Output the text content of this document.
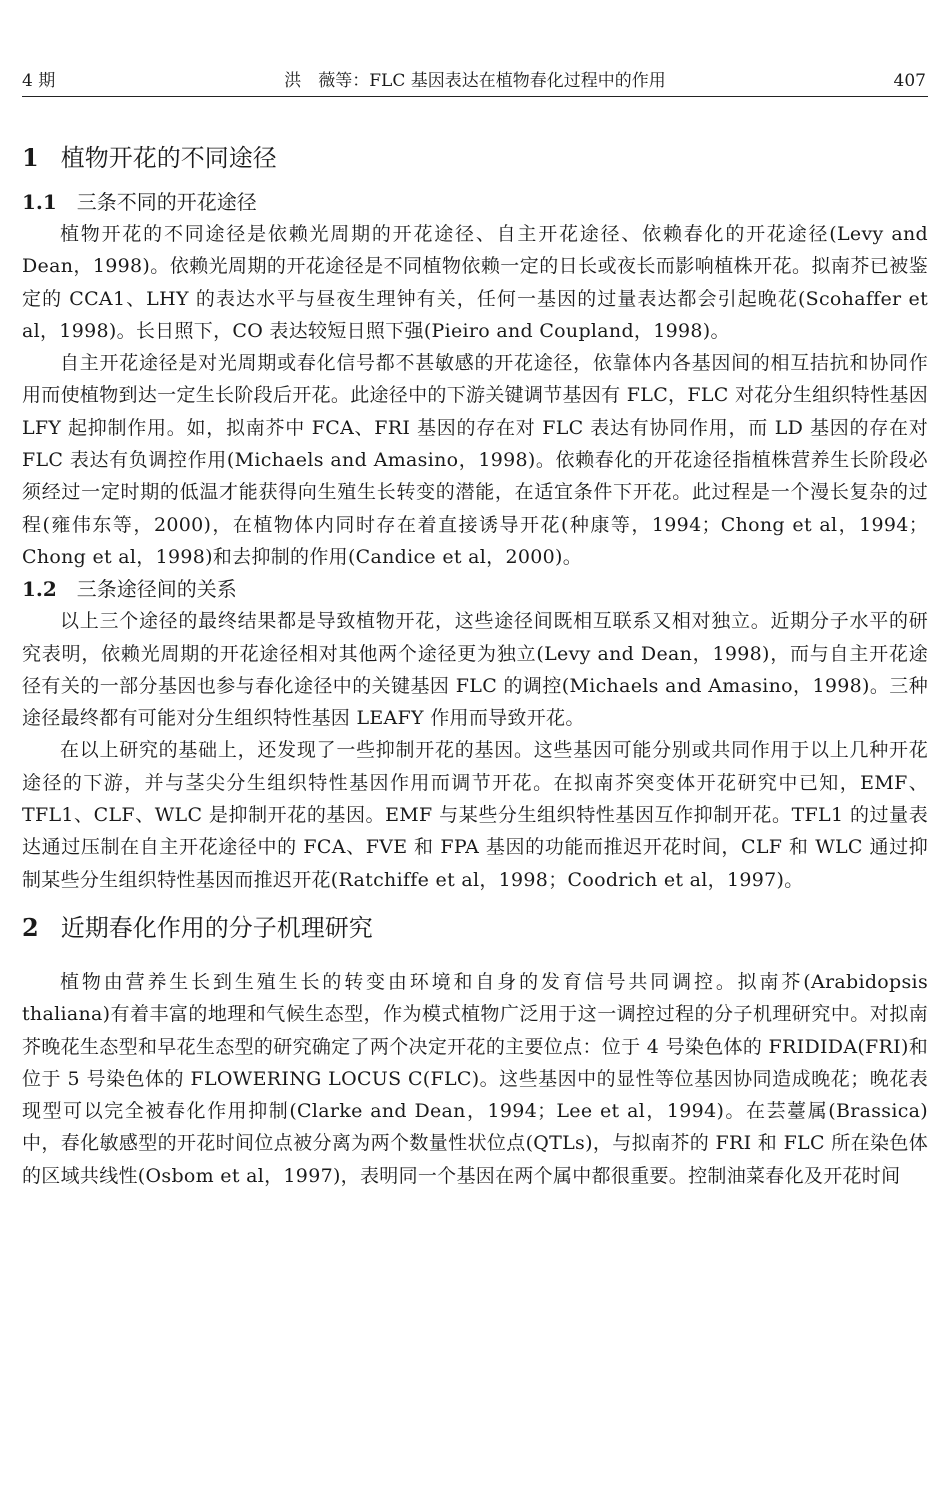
4 期	洪　薇等：FLC 基因表达在植物春化过程中的作用	407
1 植物开花的不同途径
1.1 三条不同的开花途径

植物开花的不同途径是依赖光周期的开花途径、自主开花途径、依赖春化的开花途径(Levy and Dean，1998)。依赖光周期的开花途径是不同植物依赖一定的日长或夜长而影响植株开花。拟南芥已被鉴定的 CCA1、LHY 的表达水平与昼夜生理钟有关，任何一基因的过量表达都会引起晚花(Scohaffer et al，1998)。长日照下，CO 表达较短日照下强(Pieiro and Coupland，1998)。

自主开花途径是对光周期或春化信号都不甚敏感的开花途径，依靠体内各基因间的相互拮抗和协同作用而使植物到达一定生长阶段后开花。此途径中的下游关键调节基因有 FLC，FLC 对花分生组织特性基因 LFY 起抑制作用。如，拟南芥中 FCA、FRI 基因的存在对 FLC 表达有协同作用，而 LD 基因的存在对 FLC 表达有负调控作用(Michaels and Amasino，1998)。依赖春化的开花途径指植株营养生长阶段必须经过一定时期的低温才能获得向生殖生长转变的潜能，在适宜条件下开花。此过程是一个漫长复杂的过程(雍伟东等，2000)，在植物体内同时存在着直接诱导开花(种康等，1994；Chong et al，1994；Chong et al，1998)和去抑制的作用(Candice et al，2000)。

1.2 三条途径间的关系

以上三个途径的最终结果都是导致植物开花，这些途径间既相互联系又相对独立。近期分子水平的研究表明，依赖光周期的开花途径相对其他两个途径更为独立(Levy and Dean，1998)，而与自主开花途径有关的一部分基因也参与春化途径中的关键基因 FLC 的调控(Michaels and Amasino，1998)。三种途径最终都有可能对分生组织特性基因 LEAFY 作用而导致开花。

在以上研究的基础上，还发现了一些抑制开花的基因。这些基因可能分别或共同作用于以上几种开花途径的下游，并与茎尖分生组织特性基因作用而调节开花。在拟南芥突变体开花研究中已知，EMF、TFL1、CLF、WLC 是抑制开花的基因。EMF 与某些分生组织特性基因互作抑制开花。TFL1 的过量表达通过压制在自主开花途径中的 FCA、FVE 和 FPA 基因的功能而推迟开花时间，CLF 和 WLC 通过抑制某些分生组织特性基因而推迟开花(Ratchiffe et al，1998；Coodrich et al，1997)。

2 近期春化作用的分子机理研究

植物由营养生长到生殖生长的转变由环境和自身的发育信号共同调控。拟南芥(Arabidopsis thaliana)有着丰富的地理和气候生态型，作为模式植物广泛用于这一调控过程的分子机理研究中。对拟南芥晚花生态型和早花生态型的研究确定了两个决定开花的主要位点：位于 4 号染色体的 FRIDIDA(FRI)和位于 5 号染色体的 FLOWERING LOCUS C(FLC)。这些基因中的显性等位基因协同造成晚花；晚花表现型可以完全被春化作用抑制(Clarke and Dean，1994；Lee et al，1994)。在芸薹属(Brassica)中，春化敏感型的开花时间位点被分离为两个数量性状位点(QTLs)，与拟南芥的 FRI 和 FLC 所在染色体的区域共线性(Osbom et al，1997)，表明同一个基因在两个属中都很重要。控制油菜春化及开花时间
